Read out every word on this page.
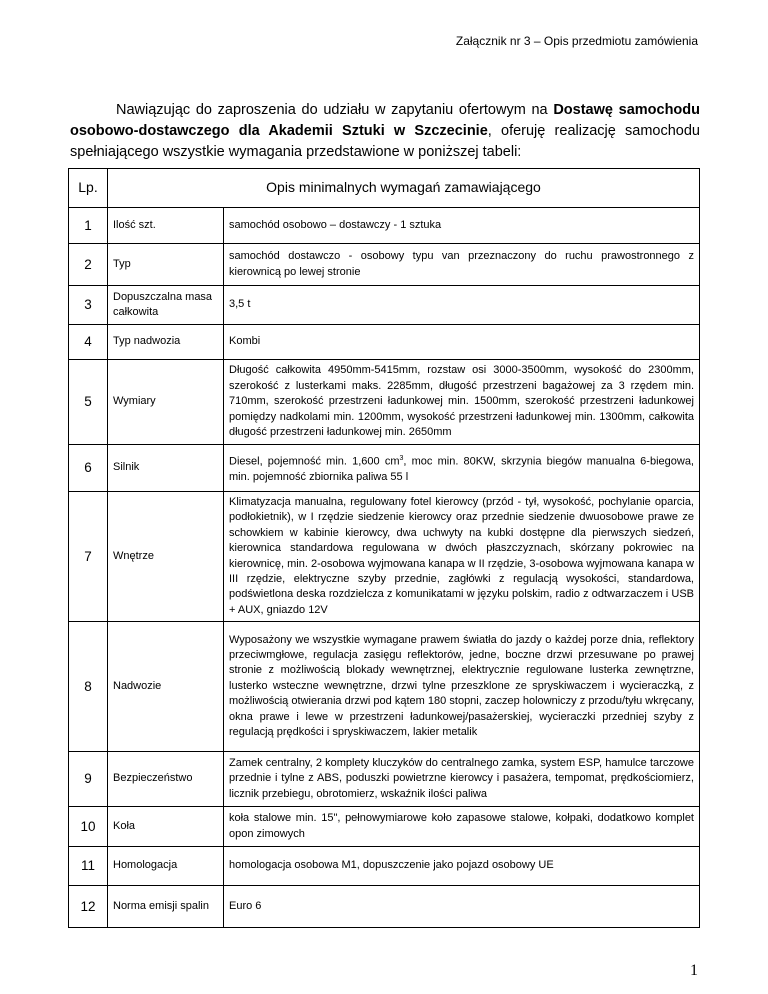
Załącznik nr 3 – Opis przedmiotu zamówienia
Nawiązując do zaproszenia do udziału w zapytaniu ofertowym na Dostawę samochodu osobowo-dostawczego dla Akademii Sztuki w Szczecinie, oferuję realizację samochodu spełniającego wszystkie wymagania przedstawione w poniższej tabeli:
Lp.	Opis minimalnych wymagań zamawiającego	
1	Ilość szt.	samochód osobowo – dostawczy - 1 sztuka
2	Typ	samochód dostawczo - osobowy typu van przeznaczony do ruchu prawostronnego z kierownicą po lewej stronie
3	Dopuszczalna masa całkowita	3,5 t
4	Typ nadwozia	Kombi
5	Wymiary	Długość całkowita 4950mm-5415mm, rozstaw osi 3000-3500mm, wysokość do 2300mm, szerokość z lusterkami maks. 2285mm, długość przestrzeni bagażowej za 3 rzędem min. 710mm, szerokość przestrzeni ładunkowej min. 1500mm, szerokość przestrzeni ładunkowej pomiędzy nadkolami min. 1200mm, wysokość przestrzeni ładunkowej min. 1300mm, całkowita długość przestrzeni ładunkowej min. 2650mm
6	Silnik	Diesel, pojemność min. 1,600 $cm^3$, moc min. 80KW, skrzynia biegów manualna 6-biegowa, min. pojemność zbiornika paliwa 55 l
7	Wnętrze	Klimatyzacja manualna, regulowany fotel kierowcy (przód - tył, wysokość, pochylanie oparcia, podłokietnik), w I rzędzie siedzenie kierowcy oraz przednie siedzenie dwuosobowe prawe ze schowkiem w kabinie kierowcy, dwa uchwyty na kubki dostępne dla pierwszych siedzeń, kierownica standardowa regulowana w dwóch płaszczyznach, skórzany pokrowiec na kierownicę, min. 2-osobowa wyjmowana kanapa w II rzędzie, 3-osobowa wyjmowana kanapa w III rzędzie, elektryczne szyby przednie, zagłówki z regulacją wysokości, standardowa, podświetlona deska rozdzielcza z komunikatami w języku polskim, radio z odtwarzaczem i USB + AUX, gniazdo 12V
8	Nadwozie	Wyposażony we wszystkie wymagane prawem światła do jazdy o każdej porze dnia, reflektory przeciwmgłowe, regulacja zasięgu reflektorów, jedne, boczne drzwi przesuwane po prawej stronie z możliwością blokady wewnętrznej, elektrycznie regulowane lusterka zewnętrzne, lusterko wsteczne wewnętrzne, drzwi tylne przeszklone ze spryskiwaczem i wycieraczką, z możliwością otwierania drzwi pod kątem 180 stopni, zaczep holowniczy z przodu/tyłu wkręcany, okna prawe i lewe w przestrzeni ładunkowej/pasażerskiej, wycieraczki przedniej szyby z regulacją prędkości i spryskiwaczem, lakier metalik
9	Bezpieczeństwo	Zamek centralny, 2 komplety kluczyków do centralnego zamka, system ESP, hamulce tarczowe przednie i tylne z ABS, poduszki powietrzne kierowcy i pasażera, tempomat, prędkościomierz, licznik przebiegu, obrotomierz, wskaźnik ilości paliwa
10	Koła	koła stalowe min. 15", pełnowymiarowe koło zapasowe stalowe, kołpaki, dodatkowo komplet opon zimowych
11	Homologacja	homologacja osobowa M1, dopuszczenie jako pojazd osobowy UE
12	Norma emisji spalin	Euro 6
1
